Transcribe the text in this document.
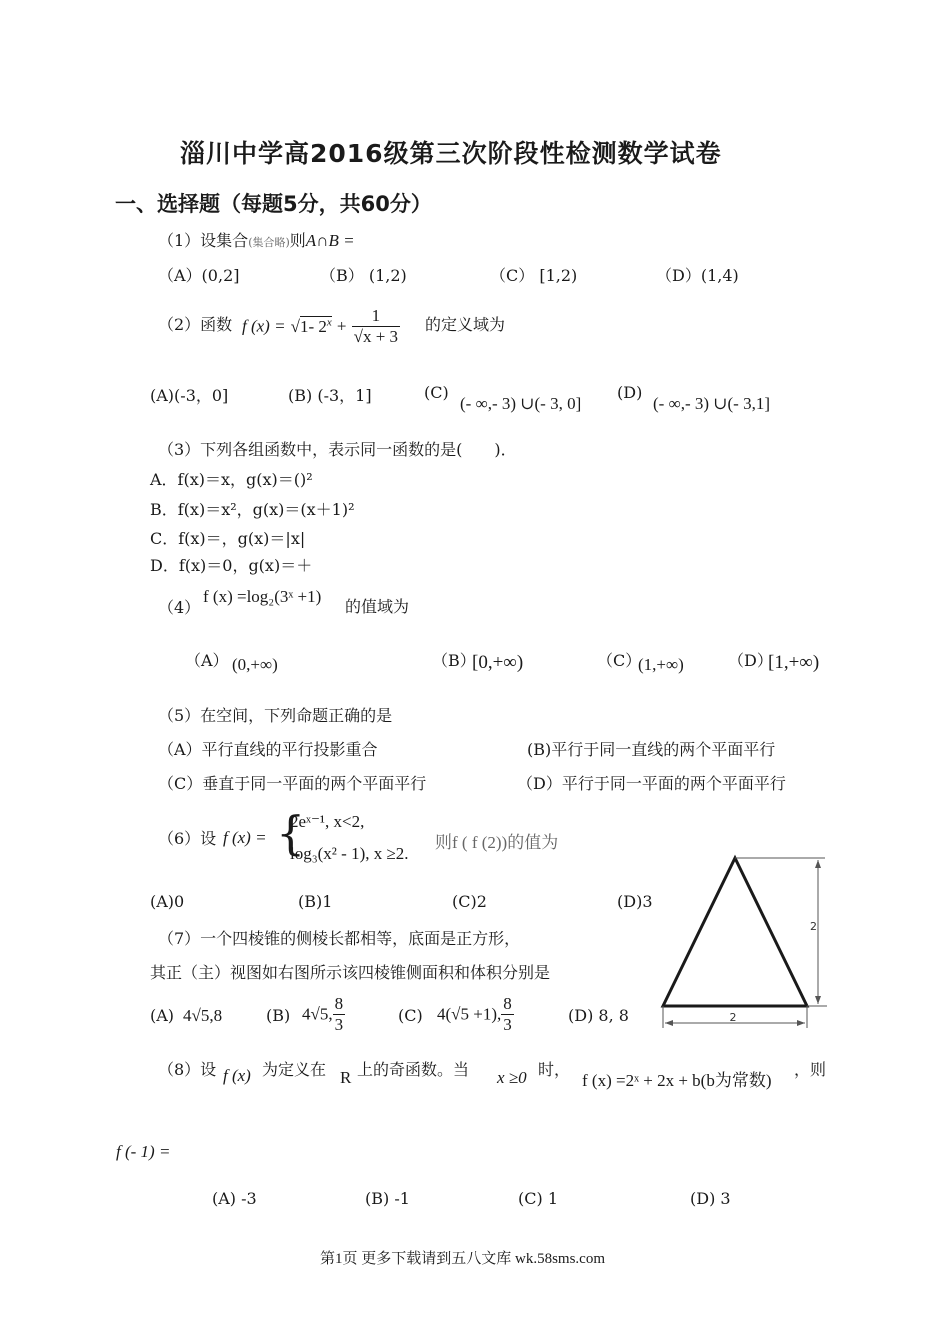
淄川中学高2016级第三次阶段性检测数学试卷
一、选择题（每题5分，共60分）
（1）设集合(集合略)则A∩B =
（A）(0,2]	（B） (1,2)	（C） [1,2)	（D）(1,4)
（2）函数 f (x) = √1- $2^x + \frac{1}{√x + 3}$ 的定义域为
(A)(-3，0]	(B) (-3，1]	(C)
(- ∞,- 3) ∪(- 3, 0]
(D)
(- ∞,- 3) ∪(- 3,1]
（3）下列各组函数中，表示同一函数的是(　　)．
A．f(x)＝x，g(x)＝()²
B．f(x)＝x²，g(x)＝(x＋1)²
C．f(x)＝，g(x)＝|x|
D．f(x)＝0，g(x)＝＋
（4）
f (x) =log₂(3ˣ +1)
的值域为
（A） (0,+∞)	（B）
[0,+∞)	（C）
(1,+∞)	（D）
[1,+∞)
（5）在空间，下列命题正确的是
（A）平行直线的平行投影重合	(B)平行于同一直线的两个平面平行
（C）垂直于同一平面的两个平面平行	（D）平行于同一平面的两个平面平行
（6）设 f (x) = {
2eˣ⁻¹, x<2,
log₃(x² - 1), x ≥2.
则f ( f (2))的值为
(A)0	(B)1	(C)2	(D)3
（7）一个四棱锥的侧棱长都相等，底面是正方形，
其正（主）视图如右图所示该四棱锥侧面积和体积分别是
(A) 4√5,8	(B) 4√5, $\frac{8}{3}$	(C) 4(√5 +1), $\frac{8}{3}$	(D) 8, 8
2
2
（8）设 f (x) 为定义在 R 上的奇函数。当 x ≥0 时，
f (x) =2ˣ + 2x + b(b为常数)
，则
f (- 1) =
(A) -3	(B) -1	(C) 1	(D) 3
第1页 更多下载请到五八文库 wk.58sms.com
